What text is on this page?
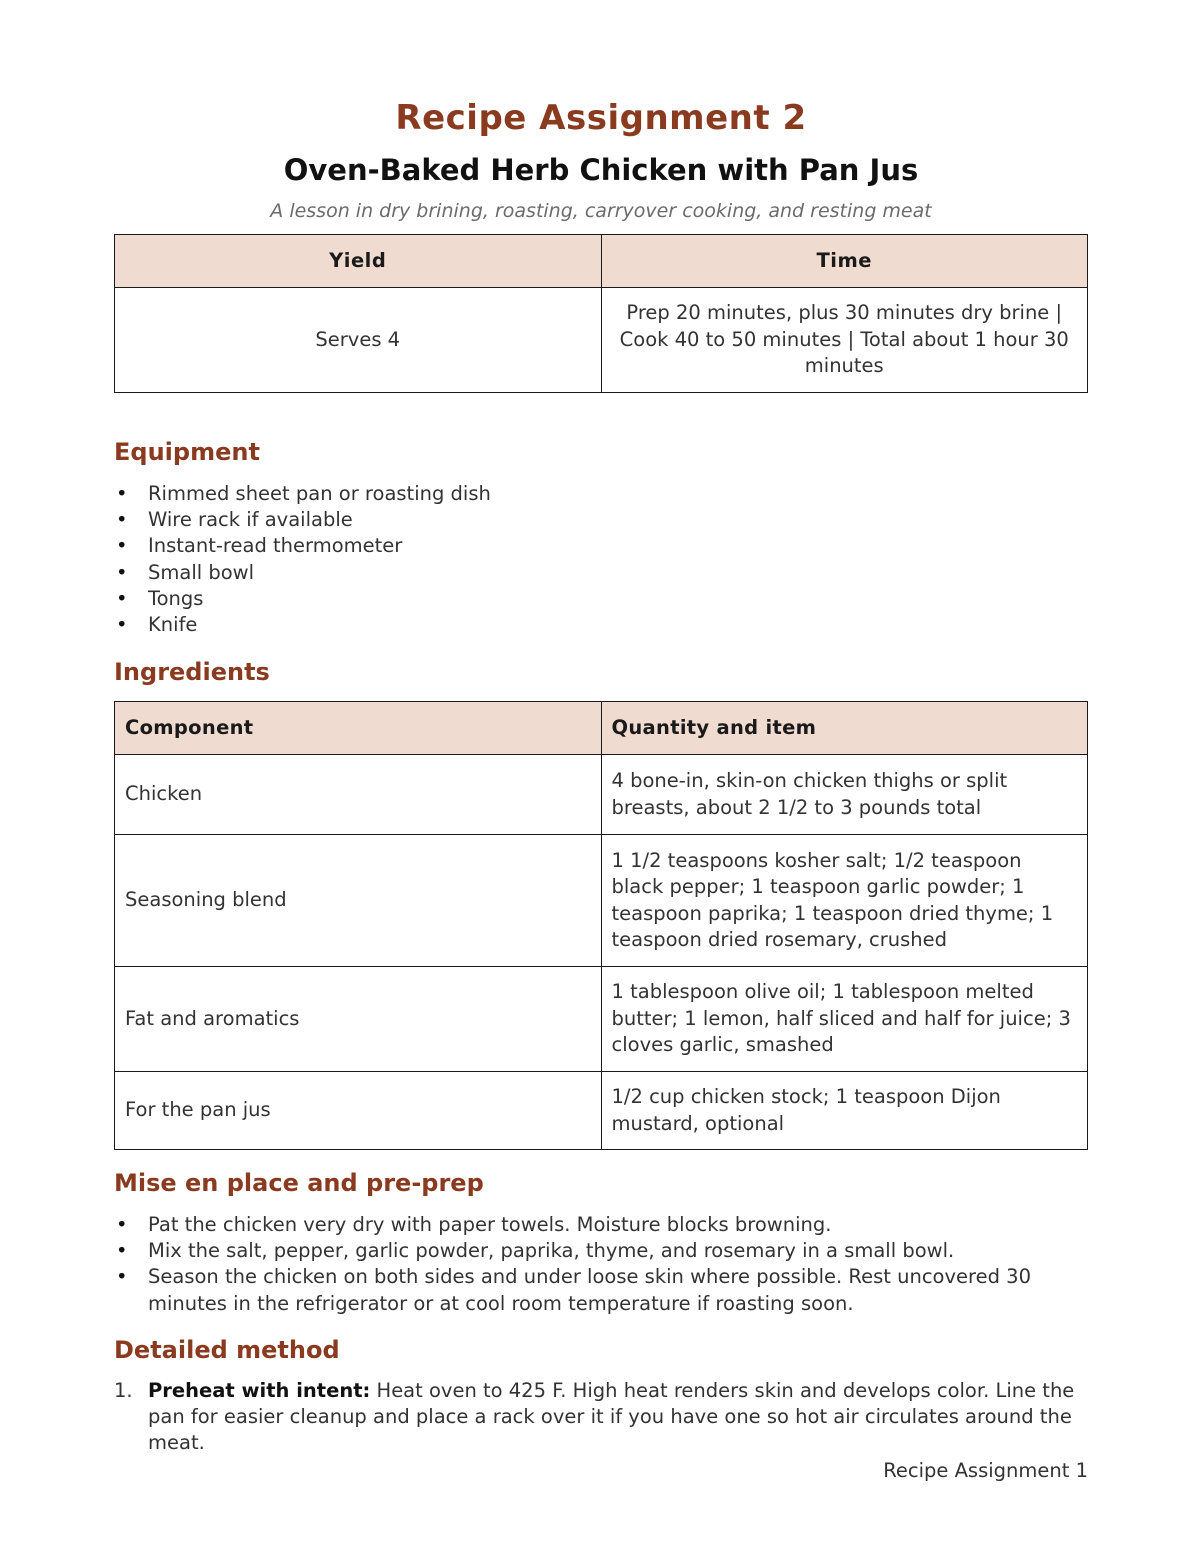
Recipe Assignment 2
Oven-Baked Herb Chicken with Pan Jus
A lesson in dry brining, roasting, carryover cooking, and resting meat
Yield	Time
Serves 4	Prep 20 minutes, plus 30 minutes dry brine | Cook 40 to 50 minutes | Total about 1 hour 30 minutes
Equipment
• Rimmed sheet pan or roasting dish
• Wire rack if available
• Instant-read thermometer
• Small bowl
• Tongs
• Knife
Ingredients
Component	Quantity and item
Chicken	4 bone-in, skin-on chicken thighs or split breasts, about 2 1/2 to 3 pounds total
Seasoning blend	1 1/2 teaspoons kosher salt; 1/2 teaspoon black pepper; 1 teaspoon garlic powder; 1 teaspoon paprika; 1 teaspoon dried thyme; 1 teaspoon dried rosemary, crushed
Fat and aromatics	1 tablespoon olive oil; 1 tablespoon melted butter; 1 lemon, half sliced and half for juice; 3 cloves garlic, smashed
For the pan jus	1/2 cup chicken stock; 1 teaspoon Dijon mustard, optional
Mise en place and pre-prep
• Pat the chicken very dry with paper towels. Moisture blocks browning.
• Mix the salt, pepper, garlic powder, paprika, thyme, and rosemary in a small bowl.
• Season the chicken on both sides and under loose skin where possible. Rest uncovered 30 minutes in the refrigerator or at cool room temperature if roasting soon.
Detailed method
1. Preheat with intent: Heat oven to 425 F. High heat renders skin and develops color. Line the pan for easier cleanup and place a rack over it if you have one so hot air circulates around the meat.
Recipe Assignment 1
